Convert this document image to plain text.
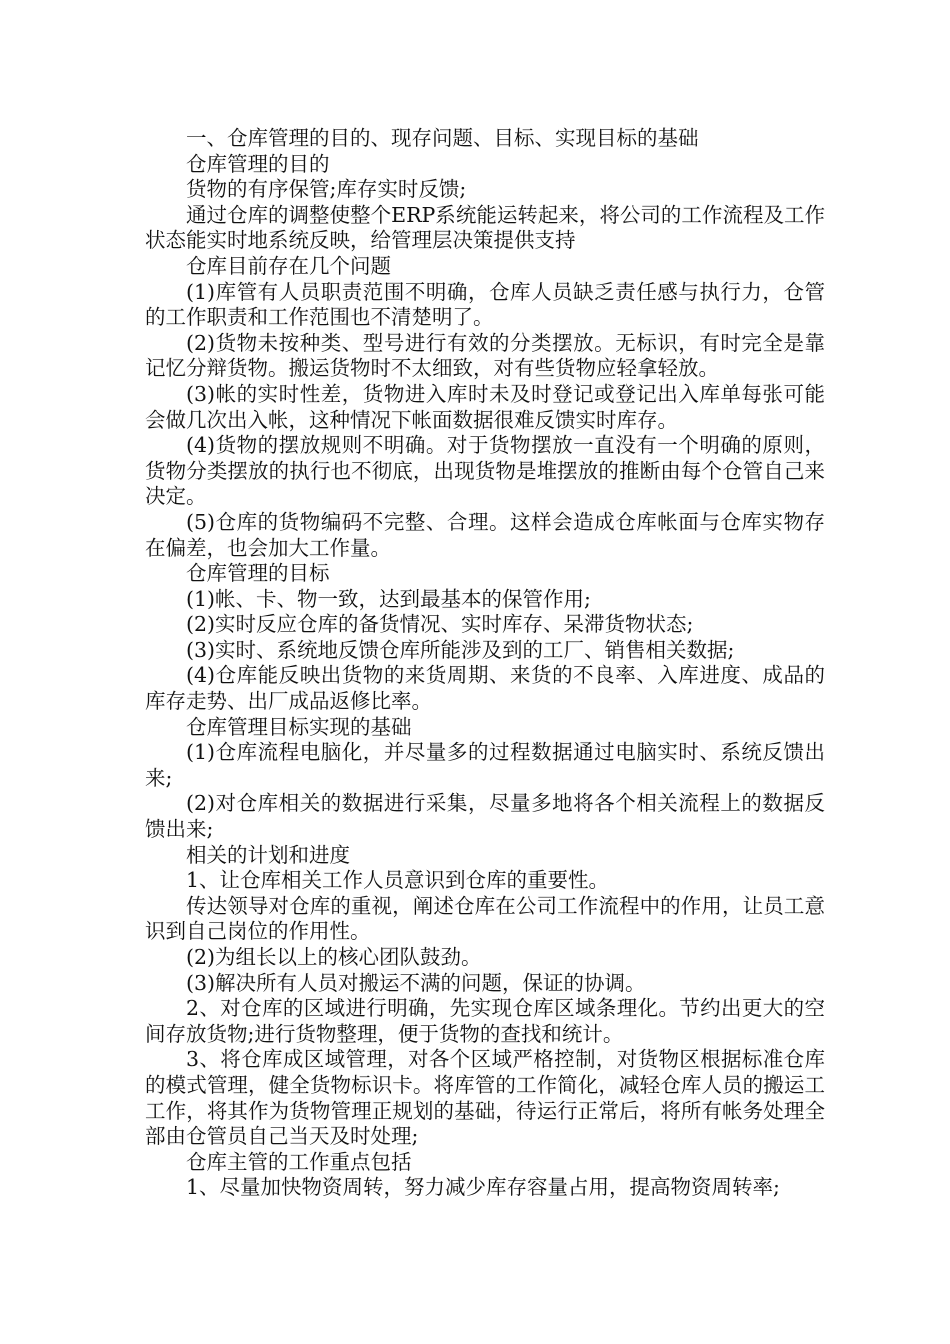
一、仓库管理的目的、现存问题、目标、实现目标的基础

仓库管理的目的

货物的有序保管;库存实时反馈;

通过仓库的调整使整个ERP系统能运转起来，将公司的工作流程及工作状态能实时地系统反映，给管理层决策提供支持

仓库目前存在几个问题

(1)库管有人员职责范围不明确，仓库人员缺乏责任感与执行力，仓管的工作职责和工作范围也不清楚明了。

(2)货物未按种类、型号进行有效的分类摆放。无标识，有时完全是靠记忆分辩货物。搬运货物时不太细致，对有些货物应轻拿轻放。

(3)帐的实时性差，货物进入库时未及时登记或登记出入库单每张可能会做几次出入帐，这种情况下帐面数据很难反馈实时库存。

(4)货物的摆放规则不明确。对于货物摆放一直没有一个明确的原则，货物分类摆放的执行也不彻底，出现货物是堆摆放的推断由每个仓管自己来决定。

(5)仓库的货物编码不完整、合理。这样会造成仓库帐面与仓库实物存在偏差，也会加大工作量。

仓库管理的目标

(1)帐、卡、物一致，达到最基本的保管作用;

(2)实时反应仓库的备货情况、实时库存、呆滞货物状态;

(3)实时、系统地反馈仓库所能涉及到的工厂、销售相关数据;

(4)仓库能反映出货物的来货周期、来货的不良率、入库进度、成品的库存走势、出厂成品返修比率。

仓库管理目标实现的基础

(1)仓库流程电脑化，并尽量多的过程数据通过电脑实时、系统反馈出来;

(2)对仓库相关的数据进行采集，尽量多地将各个相关流程上的数据反馈出来;

相关的计划和进度

1、让仓库相关工作人员意识到仓库的重要性。

传达领导对仓库的重视，阐述仓库在公司工作流程中的作用，让员工意识到自己岗位的作用性。

(2)为组长以上的核心团队鼓劲。

(3)解决所有人员对搬运不满的问题，保证的协调。

2、对仓库的区域进行明确，先实现仓库区域条理化。节约出更大的空间存放货物;进行货物整理，便于货物的查找和统计。

3、将仓库成区域管理，对各个区域严格控制，对货物区根据标准仓库的模式管理，健全货物标识卡。将库管的工作简化，减轻仓库人员的搬运工工作，将其作为货物管理正规划的基础，待运行正常后，将所有帐务处理全部由仓管员自己当天及时处理;

仓库主管的工作重点包括

1、尽量加快物资周转，努力减少库存容量占用，提高物资周转率;
